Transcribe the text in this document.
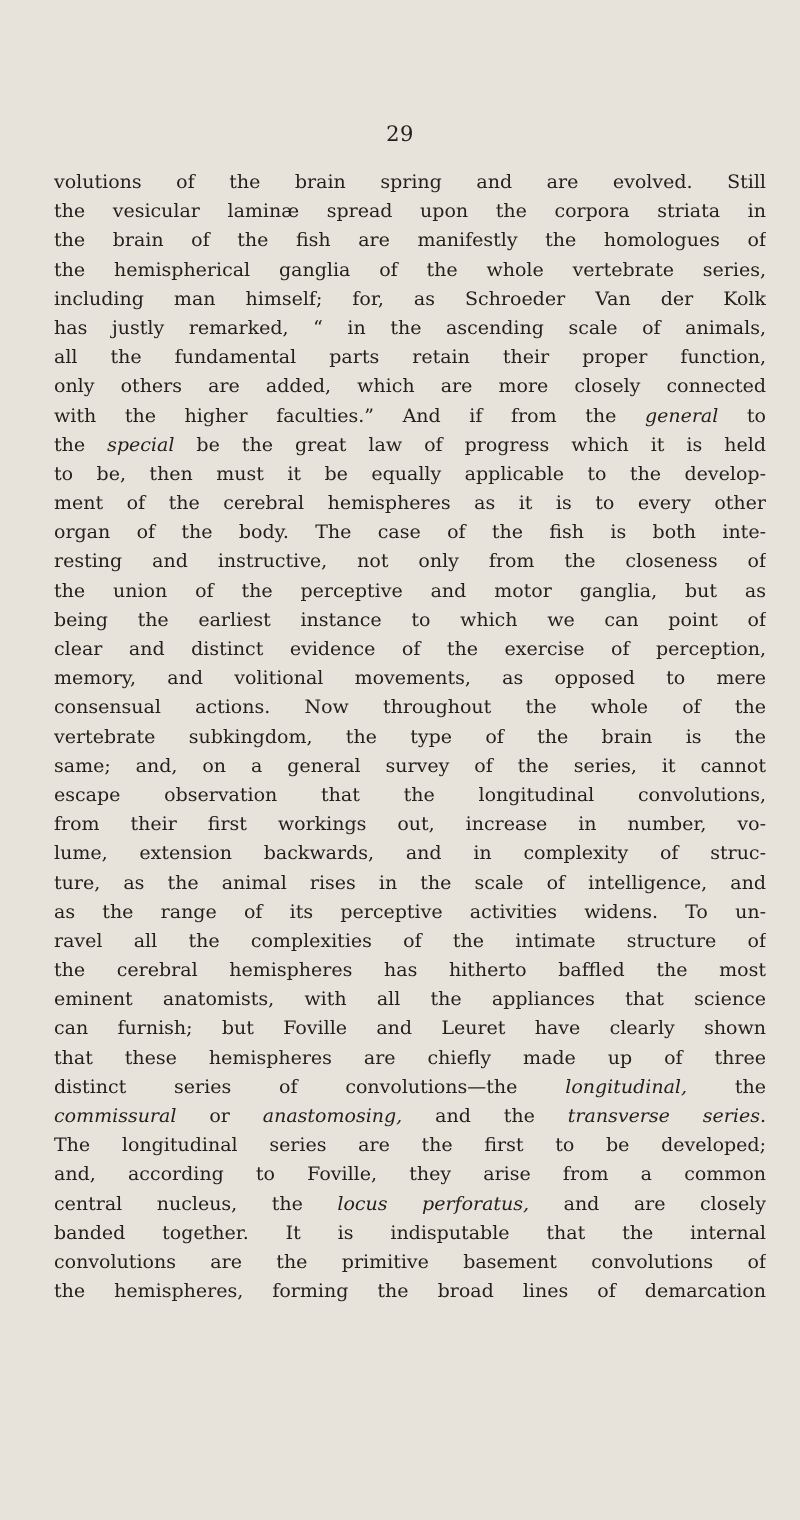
29
volutions of the brain spring and are evolved. Still
the vesicular laminæ spread upon the corpora striata in
the brain of the fish are manifestly the homologues of
the hemispherical ganglia of the whole vertebrate series,
including man himself; for, as Schroeder Van der Kolk
has justly remarked, “ in the ascending scale of animals,
all the fundamental parts retain their proper function,
only others are added, which are more closely connected
with the higher faculties.” And if from the general to
the special be the great law of progress which it is held
to be, then must it be equally applicable to the develop-
ment of the cerebral hemispheres as it is to every other
organ of the body. The case of the fish is both inte-
resting and instructive, not only from the closeness of
the union of the perceptive and motor ganglia, but as
being the earliest instance to which we can point of
clear and distinct evidence of the exercise of perception,
memory, and volitional movements, as opposed to mere
consensual actions. Now throughout the whole of the
vertebrate subkingdom, the type of the brain is the
same; and, on a general survey of the series, it cannot
escape observation that the longitudinal convolutions,
from their first workings out, increase in number, vo-
lume, extension backwards, and in complexity of struc-
ture, as the animal rises in the scale of intelligence, and
as the range of its perceptive activities widens. To un-
ravel all the complexities of the intimate structure of
the cerebral hemispheres has hitherto baffled the most
eminent anatomists, with all the appliances that science
can furnish; but Foville and Leuret have clearly shown
that these hemispheres are chiefly made up of three
distinct series of convolutions—the longitudinal, the
commissural or anastomosing, and the transverse series.
The longitudinal series are the first to be developed;
and, according to Foville, they arise from a common
central nucleus, the locus perforatus, and are closely
banded together. It is indisputable that the internal
convolutions are the primitive basement convolutions of
the hemispheres, forming the broad lines of demarcation
